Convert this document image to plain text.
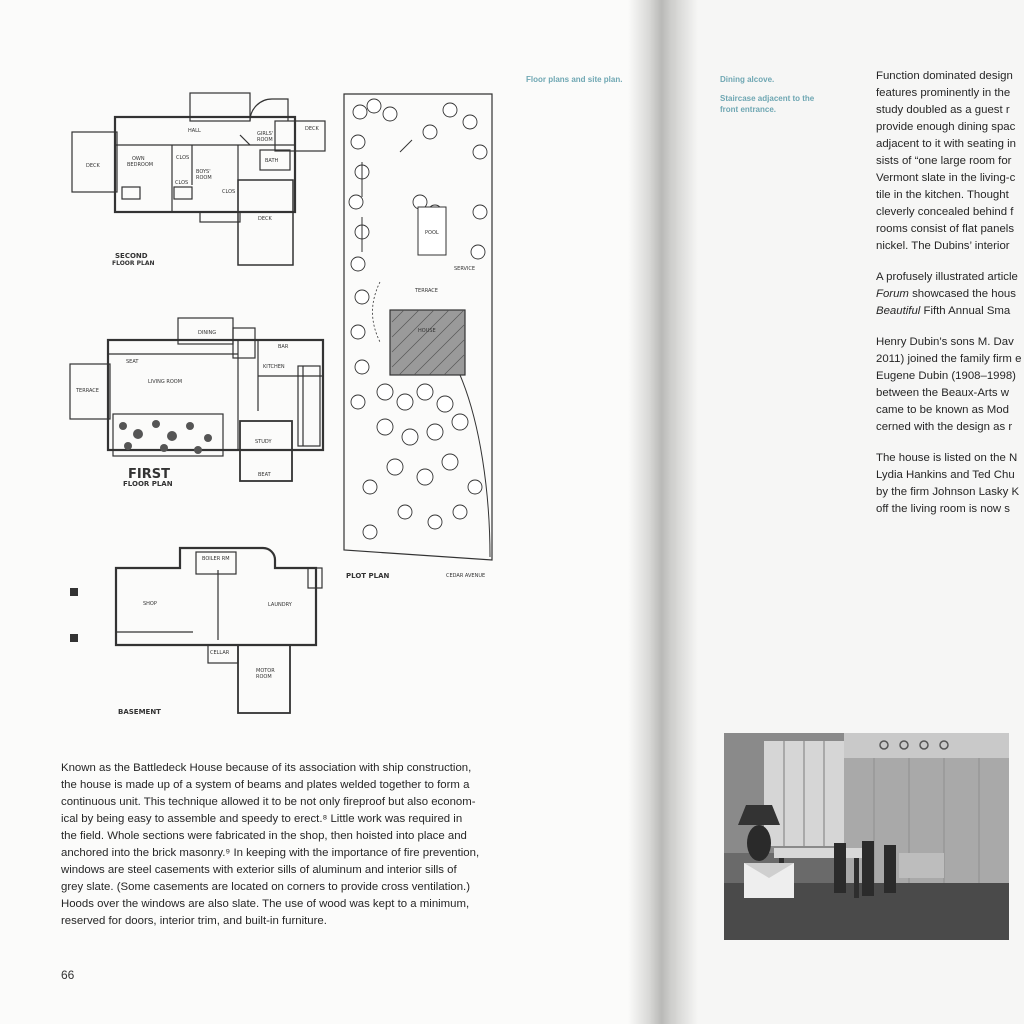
Floor plans and site plan.	Dining alcove.
Staircase adjacent to the
front entrance.
HALL
OWN
BEDROOM
BOYS'
ROOM
GIRLS'
ROOM
BATH
DECK
DECK
DECK
CLOS
CLOS
CLOS
SECOND
FLOOR PLAN
LIVING ROOM
TERRACE
STUDY
KITCHEN
DINING
SEAT
BAR
BEAT
FIRST
FLOOR PLAN
SHOP	LAUNDRY
CELLAR
MOTOR
ROOM
BOILER RM
BASEMENT
HOUSE
TERRACE
POOL
SERVICE
PLOT PLAN	CEDAR AVENUE
Known as the Battledeck House because of its association with ship construction,
the house is made up of a system of beams and plates welded together to form a
continuous unit. This technique allowed it to be not only fireproof but also econom-
ical by being easy to assemble and speedy to erect.⁸ Little work was required in
the field. Whole sections were fabricated in the shop, then hoisted into place and
anchored into the brick masonry.⁹ In keeping with the importance of fire prevention,
windows are steel casements with exterior sills of aluminum and interior sills of
grey slate. (Some casements are located on corners to provide cross ventilation.)
Hoods over the windows are also slate. The use of wood was kept to a minimum,
reserved for doors, interior trim, and built-in furniture.
66

Function dominated design
features prominently in the
study doubled as a guest r
provide enough dining spac
adjacent to it with seating in
sists of “one large room for
Vermont slate in the living-c
tile in the kitchen. Thought
cleverly concealed behind f
rooms consist of flat panels
nickel. The Dubins’ interior

A profusely illustrated article
Forum showcased the hous
Beautiful Fifth Annual Sma

Henry Dubin’s sons M. Dav
2011) joined the family firm e
Eugene Dubin (1908–1998)
between the Beaux-Arts w
came to be known as Mod
cerned with the design as r

The house is listed on the N
Lydia Hankins and Ted Chu
by the firm Johnson Lasky K
off the living room is now s
